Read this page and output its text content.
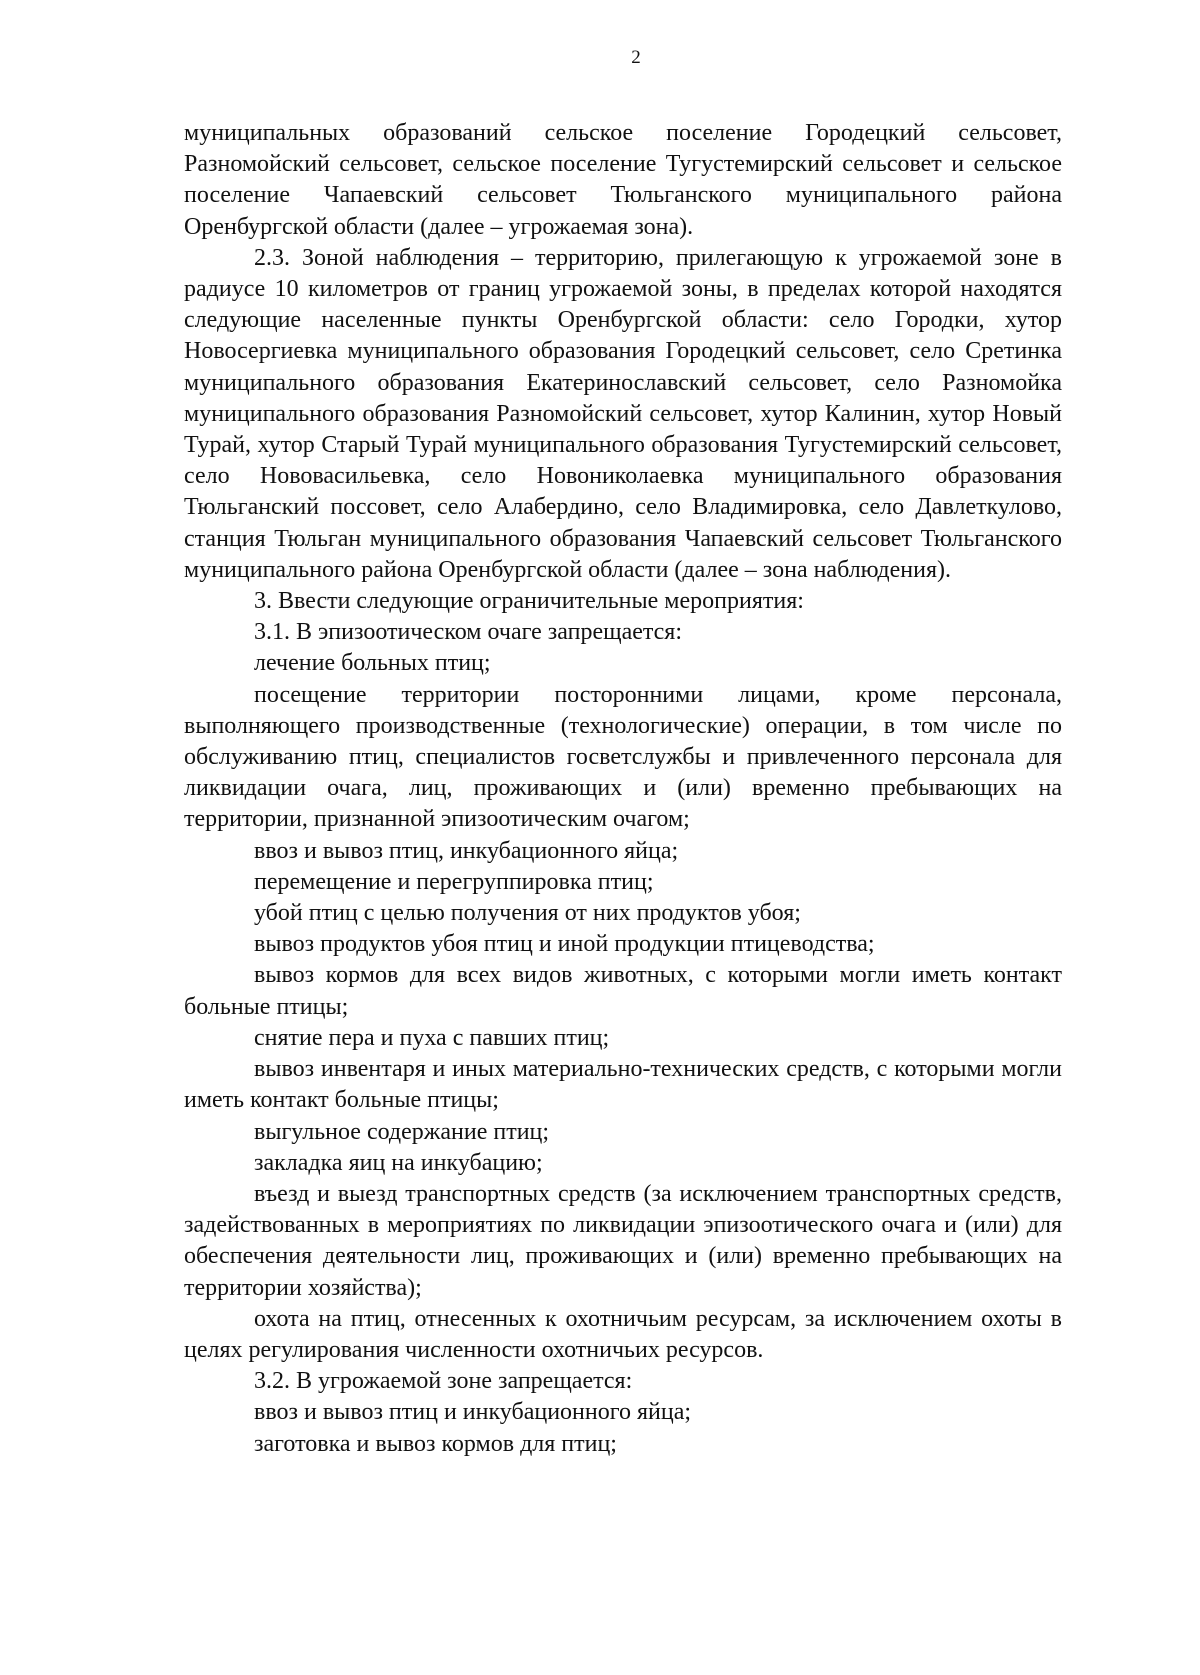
2

муниципальных образований сельское поселение Городецкий сельсовет, Разномойский сельсовет, сельское поселение Тугустемирский сельсовет и сельское поселение Чапаевский сельсовет Тюльганского муниципального района Оренбургской области (далее – угрожаемая зона).

2.3. Зоной наблюдения – территорию, прилегающую к угрожаемой зоне в радиусе 10 километров от границ угрожаемой зоны, в пределах которой находятся следующие населенные пункты Оренбургской области: село Городки, хутор Новосергиевка муниципального образования Городецкий сельсовет, село Сретинка муниципального образования Екатеринославский сельсовет, село Разномойка муниципального образования Разномойский сельсовет, хутор Калинин, хутор Новый Турай, хутор Старый Турай муниципального образования Тугустемирский сельсовет, село Нововасильевка, село Новониколаевка муниципального образования Тюльганский поссовет, село Алабердино, село Владимировка, село Давлеткулово, станция Тюльган муниципального образования Чапаевский сельсовет Тюльганского муниципального района Оренбургской области (далее – зона наблюдения).

3. Ввести следующие ограничительные мероприятия:

3.1. В эпизоотическом очаге запрещается:

лечение больных птиц;

посещение территории посторонними лицами, кроме персонала, выполняющего производственные (технологические) операции, в том числе по обслуживанию птиц, специалистов госветслужбы и привлеченного персонала для ликвидации очага, лиц, проживающих и (или) временно пребывающих на территории, признанной эпизоотическим очагом;

ввоз и вывоз птиц, инкубационного яйца;

перемещение и перегруппировка птиц;

убой птиц с целью получения от них продуктов убоя;

вывоз продуктов убоя птиц и иной продукции птицеводства;

вывоз кормов для всех видов животных, с которыми могли иметь контакт больные птицы;

снятие пера и пуха с павших птиц;

вывоз инвентаря и иных материально-технических средств, с которыми могли иметь контакт больные птицы;

выгульное содержание птиц;

закладка яиц на инкубацию;

въезд и выезд транспортных средств (за исключением транспортных средств, задействованных в мероприятиях по ликвидации эпизоотического очага и (или) для обеспечения деятельности лиц, проживающих и (или) временно пребывающих на территории хозяйства);

охота на птиц, отнесенных к охотничьим ресурсам, за исключением охоты в целях регулирования численности охотничьих ресурсов.

3.2. В угрожаемой зоне запрещается:

ввоз и вывоз птиц и инкубационного яйца;

заготовка и вывоз кормов для птиц;
